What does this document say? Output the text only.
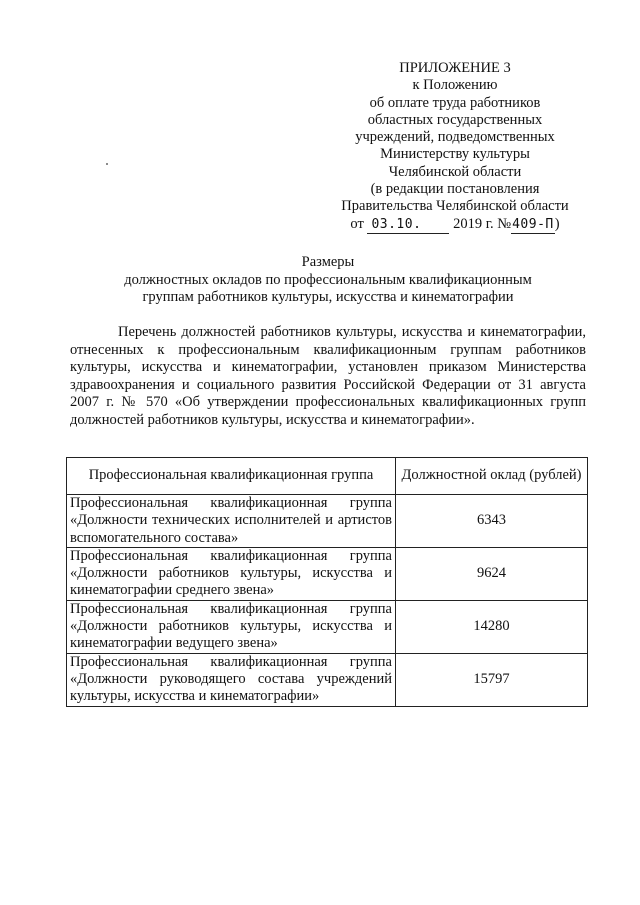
ПРИЛОЖЕНИЕ 3
к Положению
об оплате труда работников
областных государственных
учреждений, подведомственных
Министерству культуры
Челябинской области
(в редакции постановления
Правительства Челябинской области
от 03.10. 2019 г. №409-П)
Размеры
должностных окладов по профессиональным квалификационным
группам работников культуры, искусства и кинематографии

Перечень должностей работников культуры, искусства и кинематографии, отнесенных к профессиональным квалификационным группам работников культуры, искусства и кинематографии, установлен приказом Министерства здравоохранения и социального развития Российской Федерации от 31 августа 2007 г. № 570 «Об утверждении профессиональных квалификационных групп должностей работников культуры, искусства и кинематографии».

Профессиональная квалификационная группа	Должностной оклад (рублей)
Профессиональная квалификационная группа «Должности технических исполнителей и артистов вспомогательного состава»	6343
Профессиональная квалификационная группа «Должности работников культуры, искусства и кинематографии среднего звена»	9624
Профессиональная квалификационная группа «Должности работников культуры, искусства и кинематографии ведущего звена»	14280
Профессиональная квалификационная группа «Должности руководящего состава учреждений культуры, искусства и кинематографии»	15797
